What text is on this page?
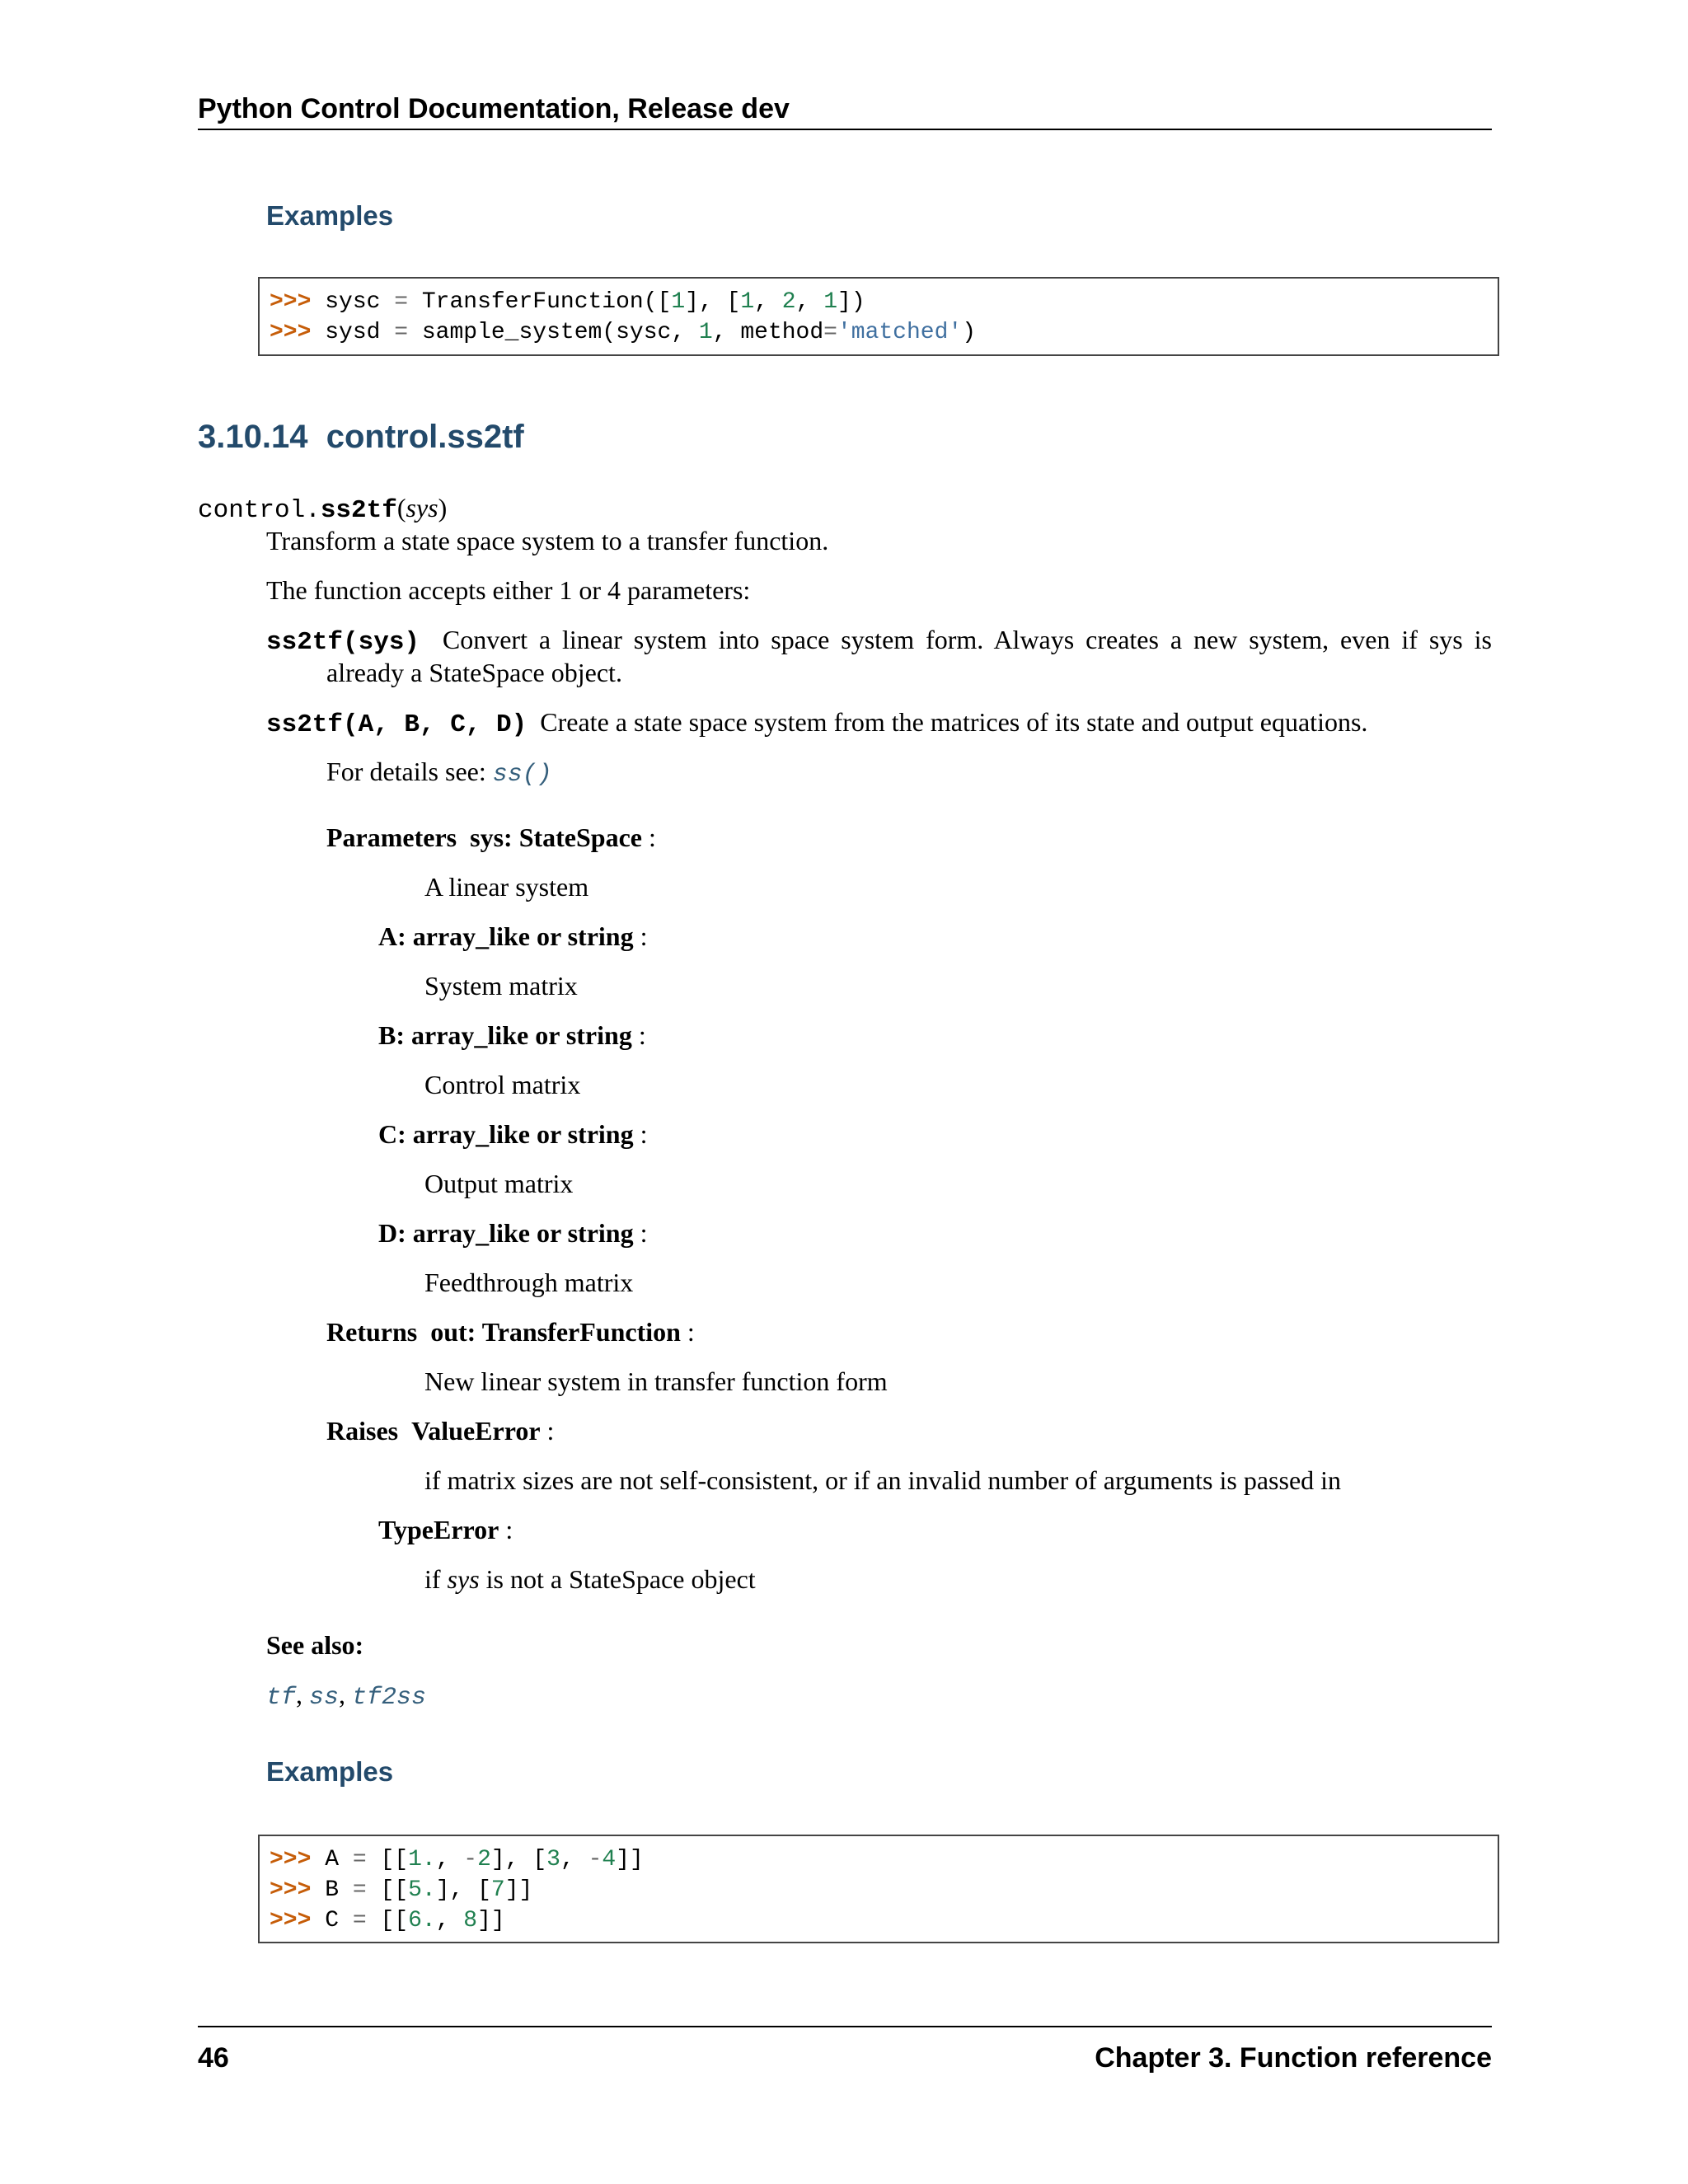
Python Control Documentation, Release dev
Examples
>>> sysc = TransferFunction([1], [1, 2, 1])
>>> sysd = sample_system(sysc, 1, method='matched')
3.10.14 control.ss2tf
control.ss2tf(sys)
Transform a state space system to a transfer function.
The function accepts either 1 or 4 parameters:
ss2tf(sys) Convert a linear system into space system form. Always creates a new system, even if sys is
already a StateSpace object.
ss2tf(A, B, C, D) Create a state space system from the matrices of its state and output equations.
For details see: ss()
Parameters sys: StateSpace :
A linear system
A: array_like or string :
System matrix
B: array_like or string :
Control matrix
C: array_like or string :
Output matrix
D: array_like or string :
Feedthrough matrix
Returns out: TransferFunction :
New linear system in transfer function form
Raises ValueError :
if matrix sizes are not self-consistent, or if an invalid number of arguments is passed in
TypeError :
if sys is not a StateSpace object
See also:
tf, ss, tf2ss
Examples
>>> A = [[1., -2], [3, -4]]
>>> B = [[5.], [7]]
>>> C = [[6., 8]]
46	Chapter 3. Function reference
